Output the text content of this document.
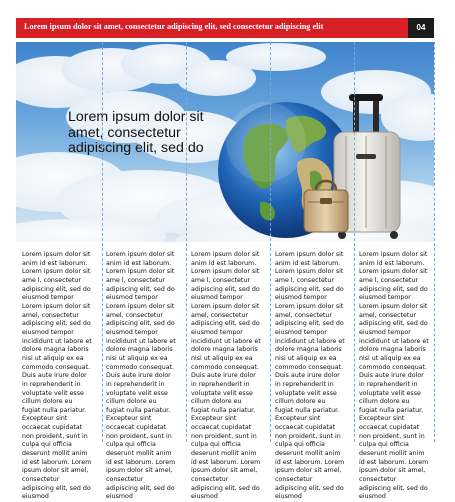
Lorem ipsum dolor sit amet, consectetur adipiscing elit, sed consectetur adipiscing elit	04
Lorem ipsum dolor sit amet, consectetur adipiscing elit, sed do
Lorem ipsum dolor sit anim id est laborum. Lorem ipsum dolor sit ame l, consectetur adipiscing elit, sed do eiusmod tempor Lorem ipsum dolor sit amel, consectetur adipiscing elit, sed do eiusmod tempor incididunt ut labore et dolore magna laboris nisi ut aliquip ex ea commodo consequat. Duis aute irure dolor in reprehenderit in voluptate velit esse cillum dolore eu fugiat nulla pariatur. Excepteur sint occaecat cupidatat non proident, sunt in culpa qui officia deserunt mollit anim id est laborum. Lorem ipsum dolor sit amel, consectetur adipiscing elit, sed do eiusmod
Lorem ipsum dolor sit anim id est laborum. Lorem ipsum dolor sit ame l, consectetur adipiscing elit, sed do eiusmod tempor Lorem ipsum dolor sit amel, consectetur adipiscing elit, sed do eiusmod tempor incididunt ut labore et dolore magna laboris nisi ut aliquip ex ea commodo consequat. Duis aute irure dolor in reprehenderit in voluptate velit esse cillum dolore eu fugiat nulla pariatur. Excepteur sint occaecat cupidatat non proident, sunt in culpa qui officia deserunt mollit anim id est laborum. Lorem ipsum dolor sit amel, consectetur adipiscing elit, sed do eiusmod
Lorem ipsum dolor sit anim id est laborum. Lorem ipsum dolor sit ame l, consectetur adipiscing elit, sed do eiusmod tempor Lorem ipsum dolor sit amel, consectetur adipiscing elit, sed do eiusmod tempor incididunt ut labore et dolore magna laboris nisi ut aliquip ex ea commodo consequat. Duis aute irure dolor in reprehenderit in voluptate velit esse cillum dolore eu fugiat nulla pariatur. Excepteur sint occaecat cupidatat non proident, sunt in culpa qui officia deserunt mollit anim id est laborum. Lorem ipsum dolor sit amel, consectetur adipiscing elit, sed do eiusmod
Lorem ipsum dolor sit anim id est laborum. Lorem ipsum dolor sit ame l, consectetur adipiscing elit, sed do eiusmod tempor Lorem ipsum dolor sit amel, consectetur adipiscing elit, sed do eiusmod tempor incididunt ut labore et dolore magna laboris nisi ut aliquip ex ea commodo consequat. Duis aute irure dolor in reprehenderit in voluptate velit esse cillum dolore eu fugiat nulla pariatur. Excepteur sint occaecat cupidatat non proident, sunt in culpa qui officia deserunt mollit anim id est laborum. Lorem ipsum dolor sit amel, consectetur adipiscing elit, sed do eiusmod
Lorem ipsum dolor sit anim id est laborum. Lorem ipsum dolor sit ame l, consectetur adipiscing elit, sed do eiusmod tempor Lorem ipsum dolor sit amel, consectetur adipiscing elit, sed do eiusmod tempor incididunt ut labore et dolore magna laboris nisi ut aliquip ex ea commodo consequat. Duis aute irure dolor in reprehenderit in voluptate velit esse cillum dolore eu fugiat nulla pariatur. Excepteur sint occaecat cupidatat non proident, sunt in culpa qui officia deserunt mollit anim id est laborum. Lorem ipsum dolor sit amel, consectetur adipiscing elit, sed do eiusmod
